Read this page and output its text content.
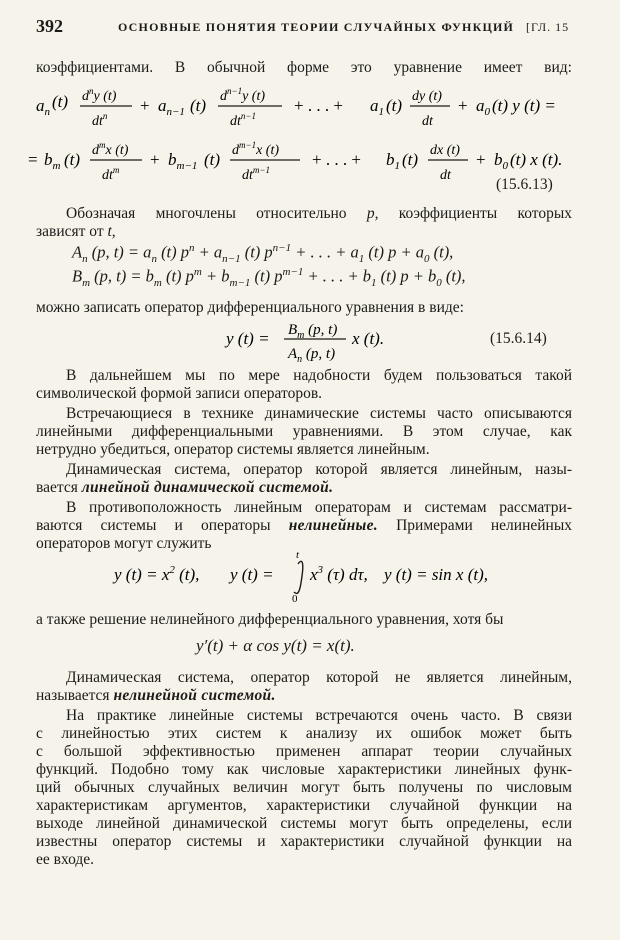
392	ОСНОВНЫЕ ПОНЯТИЯ ТЕОРИИ СЛУЧАЙНЫХ ФУНКЦИЙ [ГЛ. 15
коэффициентами. В обычной форме это уравнение имеет вид:
$a_n(t)$ $d^n_{y (t)}$ $dt^n + a_{n-1}$ (t) $d^{n-1}_{y (t)}$ $dt^{n-1}$ + . . . + $a_1$ (t) dy (t) dt + $a_0$ (t) y (t) =
= $b_m$ (t) $d^m_{x (t)}$ $dt^m + b_{m-1}$ (t) $d^{m-1}_{x (t)}$ $dt^{m-1}$ + . . . + $b_1$ (t) dx (t) dt + $b_0$ (t) x (t).
(15.6.13)
Обозначая многочлены относительно p, коэффициенты которых
зависят от t,
$A_n$ (p, $t) = a_n$ (t) $p^n + a_{n-1}$ (t) $p^{n-1}$ + . . . + $a_1$ (t) $p + a_0$ (t),
$B_m$ (p, $t) = b_m$ (t) $p^m + b_{m-1}$ (t) $p^{m-1}$ + . . . + $b_1$ (t) $p + b_0$ (t),
можно записать оператор дифференциального уравнения в виде:
y $(t) = B_m$ (p, t) $A_n$ (p, t) x (t).	(15.6.14)
В дальнейшем мы по мере надобности будем пользоваться такой
символической формой записи операторов.
Встречающиеся в технике динамические системы часто описываются
линейными дифференциальными уравнениями. В этом случае, как
нетрудно убедиться, оператор системы является линейным.
Динамическая система, оператор которой является линейным, назы-
вается линейной динамической системой.
В противоположность линейным операторам и системам рассматри-
ваются системы и операторы нелинейные. Примерами нелинейных
операторов могут служить
y $(t) = x^2$ (t), y (t) = t 0 $x^3$ (τ) dτ, y (t) = sin x (t),
а также решение нелинейного дифференциального уравнения, хотя бы
y′(t) + α cos y(t) = x(t).
Динамическая система, оператор которой не является линейным,
называется нелинейной системой.
На практике линейные системы встречаются очень часто. В связи
с линейностью этих систем к анализу их ошибок может быть
с большой эффективностью применен аппарат теории случайных
функций. Подобно тому как числовые характеристики линейных функ-
ций обычных случайных величин могут быть получены по числовым
характеристикам аргументов, характеристики случайной функции на
выходе линейной динамической системы могут быть определены, если
известны оператор системы и характеристики случайной функции на
ее входе.
